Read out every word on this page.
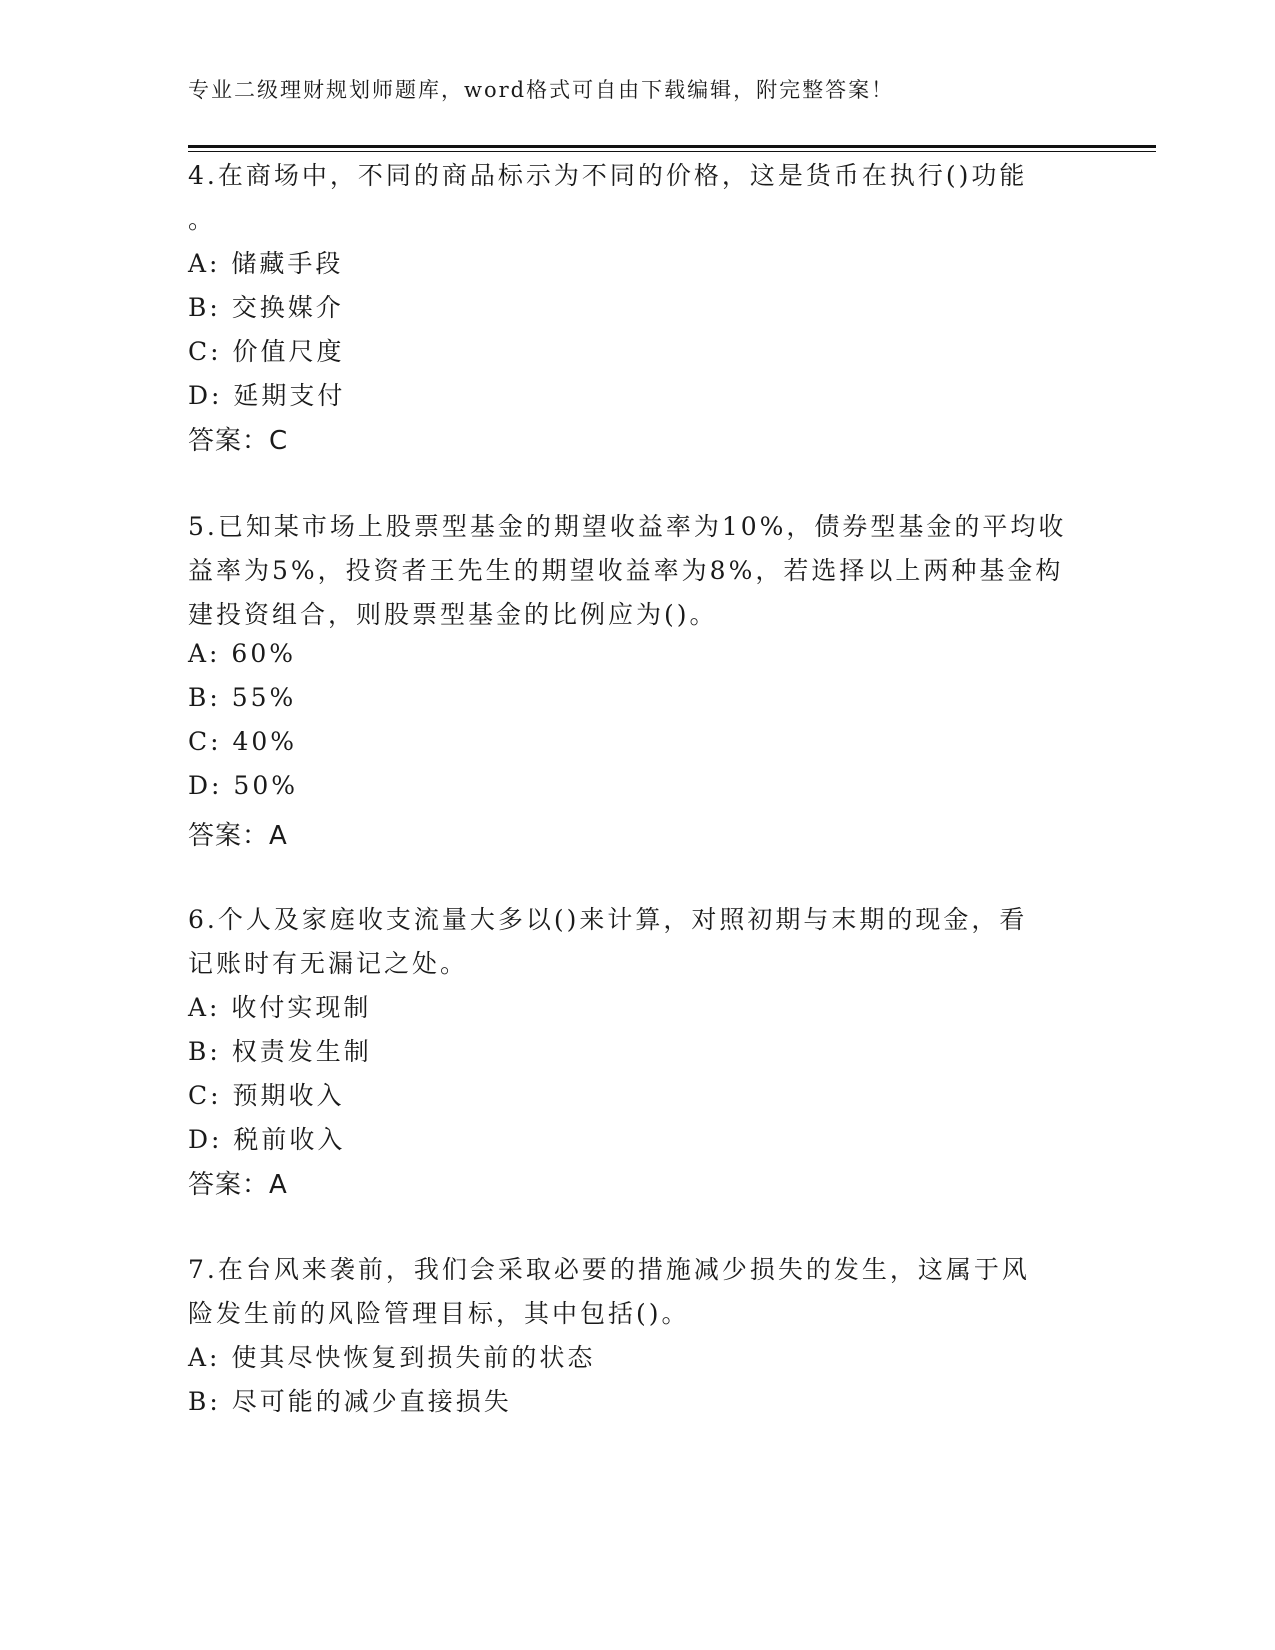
专业二级理财规划师题库，word格式可自由下载编辑，附完整答案！
4.在商场中，不同的商品标示为不同的价格，这是货币在执行()功能
。
A: 储藏手段
B: 交换媒介
C: 价值尺度
D: 延期支付
答案：C
5.已知某市场上股票型基金的期望收益率为10%，债券型基金的平均收
益率为5%，投资者王先生的期望收益率为8%，若选择以上两种基金构
建投资组合，则股票型基金的比例应为()。
A: 60%
B: 55%
C: 40%
D: 50%
答案：A
6.个人及家庭收支流量大多以()来计算，对照初期与末期的现金，看
记账时有无漏记之处。
A: 收付实现制
B: 权责发生制
C: 预期收入
D: 税前收入
答案：A
7.在台风来袭前，我们会采取必要的措施减少损失的发生，这属于风
险发生前的风险管理目标，其中包括()。
A: 使其尽快恢复到损失前的状态
B: 尽可能的减少直接损失
